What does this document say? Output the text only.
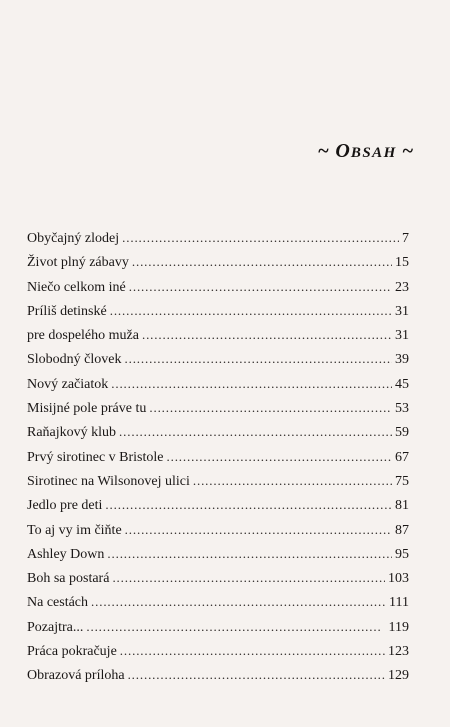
~ OBSAH ~
Obyčajný zlodej . . .	7
Život plný zábavy . . .	15
Niečo celkom iné . . .	23
Príliš detinské . . .	31
pre dospelého muža . . .	31
Slobodný človek . . .	39
Nový začiatok . . .	45
Misijné pole práve tu . . .	53
Raňajkový klub . . .	59
Prvý sirotinec v Bristole . . .	67
Sirotinec na Wilsonovej ulici . . .	75
Jedlo pre deti . . .	81
To aj vy im čiňte . . .	87
Ashley Down . . .	95
Boh sa postará . . .	103
Na cestách . . .	111
Pozajtra... . . .	119
Práca pokračuje . . .	123
Obrazová príloha . . .	129
